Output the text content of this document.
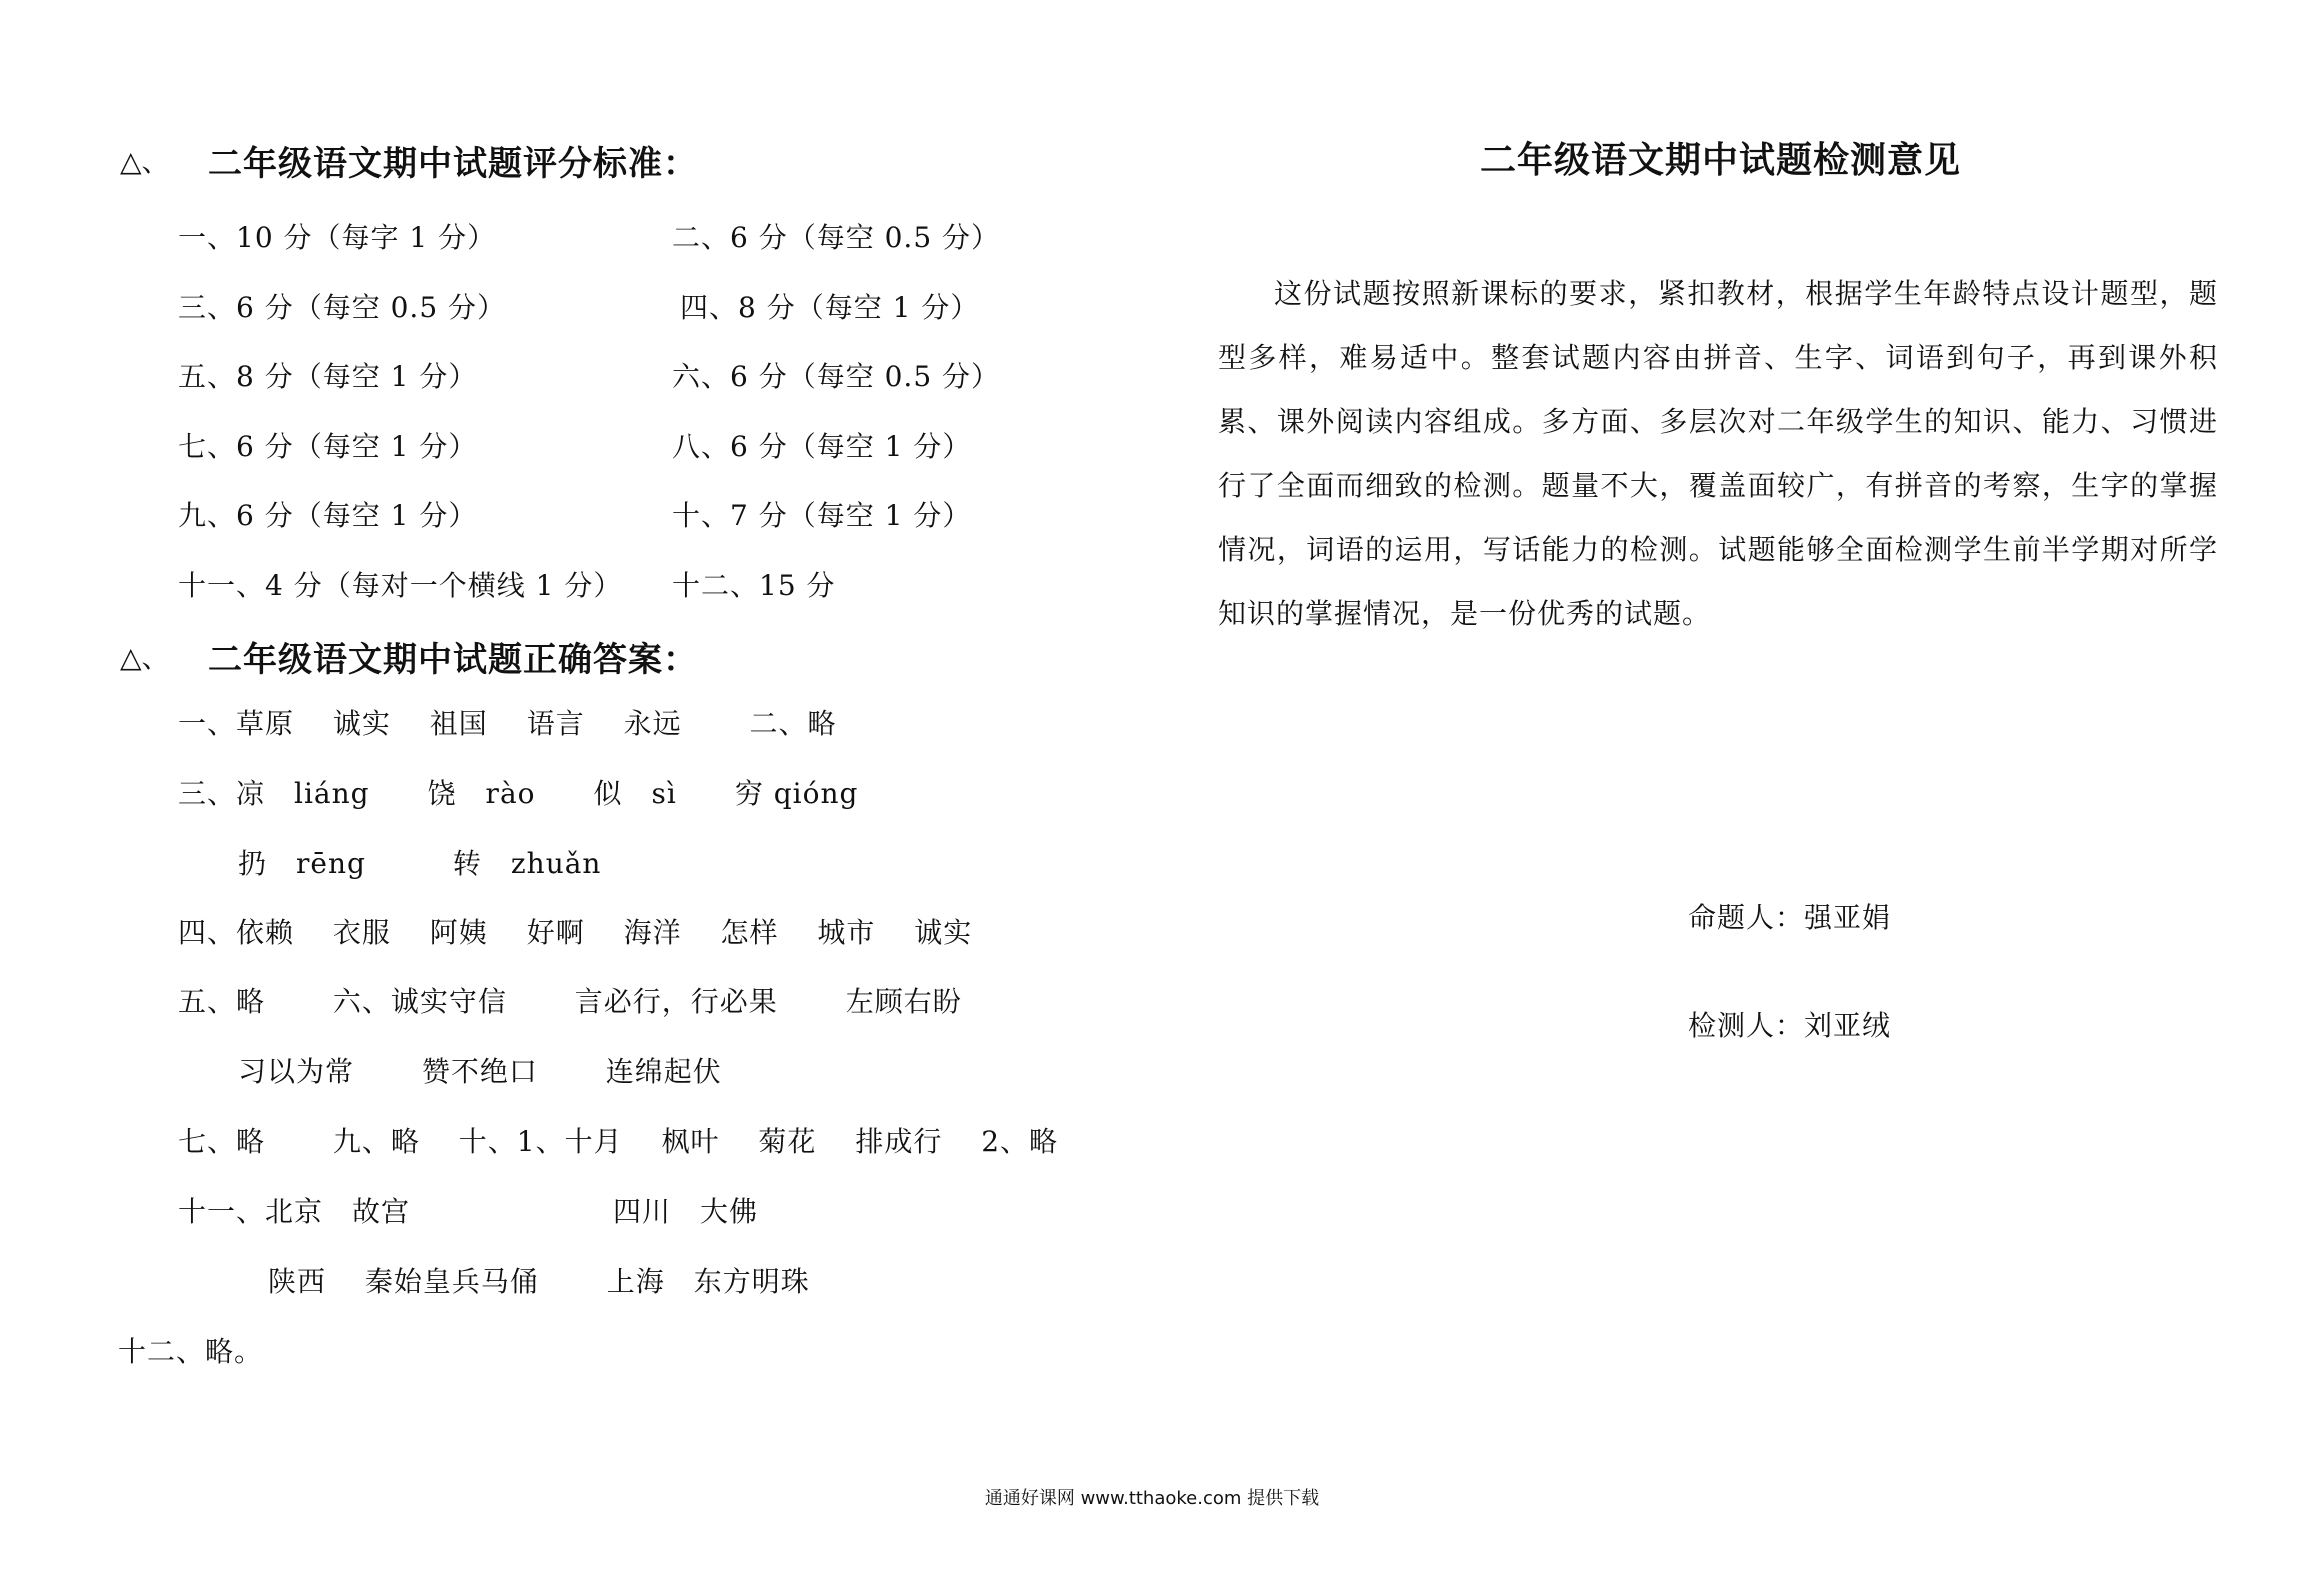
△、 二年级语文期中试题评分标准：
一、10 分（每字 1 分）	二、6 分（每空 0.5 分）
三、6 分（每空 0.5 分）	四、8 分（每空 1 分）
五、8 分（每空 1 分）	六、6 分（每空 0.5 分）
七、6 分（每空 1 分）	八、6 分（每空 1 分）
九、6 分（每空 1 分）	十、7 分（每空 1 分）
十一、4 分（每对一个横线 1 分） 十二、15 分
△、 二年级语文期中试题正确答案：
一、草原　 诚实　 祖国　 语言　 永远　　 二、略
三、凉　liáng　　饶　rào　　似　sì　　穷 qióng
扔　rēng　　　转　zhuǎn
四、依赖　 衣服　 阿姨　 好啊　 海洋　 怎样　 城市　 诚实
五、略　　 六、诚实守信　　 言必行，行必果　　 左顾右盼
习以为常　　 赞不绝口　　 连绵起伏
七、略　　 九、略　 十、1、十月　 枫叶　 菊花　 排成行　 2、略
十一、北京　故宫　　　　　　　四川　大佛
陕西　 秦始皇兵马俑　　 上海　东方明珠
十二、略。
二年级语文期中试题检测意见
这份试题按照新课标的要求，紧扣教材，根据学生年龄特点设计题型，题型多样，难易适中。整套试题内容由拼音、生字、词语到句子，再到课外积累、课外阅读内容组成。多方面、多层次对二年级学生的知识、能力、习惯进行了全面而细致的检测。题量不大，覆盖面较广，有拼音的考察，生字的掌握情况，词语的运用，写话能力的检测。试题能够全面检测学生前半学期对所学知识的掌握情况，是一份优秀的试题。
命题人：强亚娟
检测人：刘亚绒
通通好课网 www.tthaoke.com 提供下载
